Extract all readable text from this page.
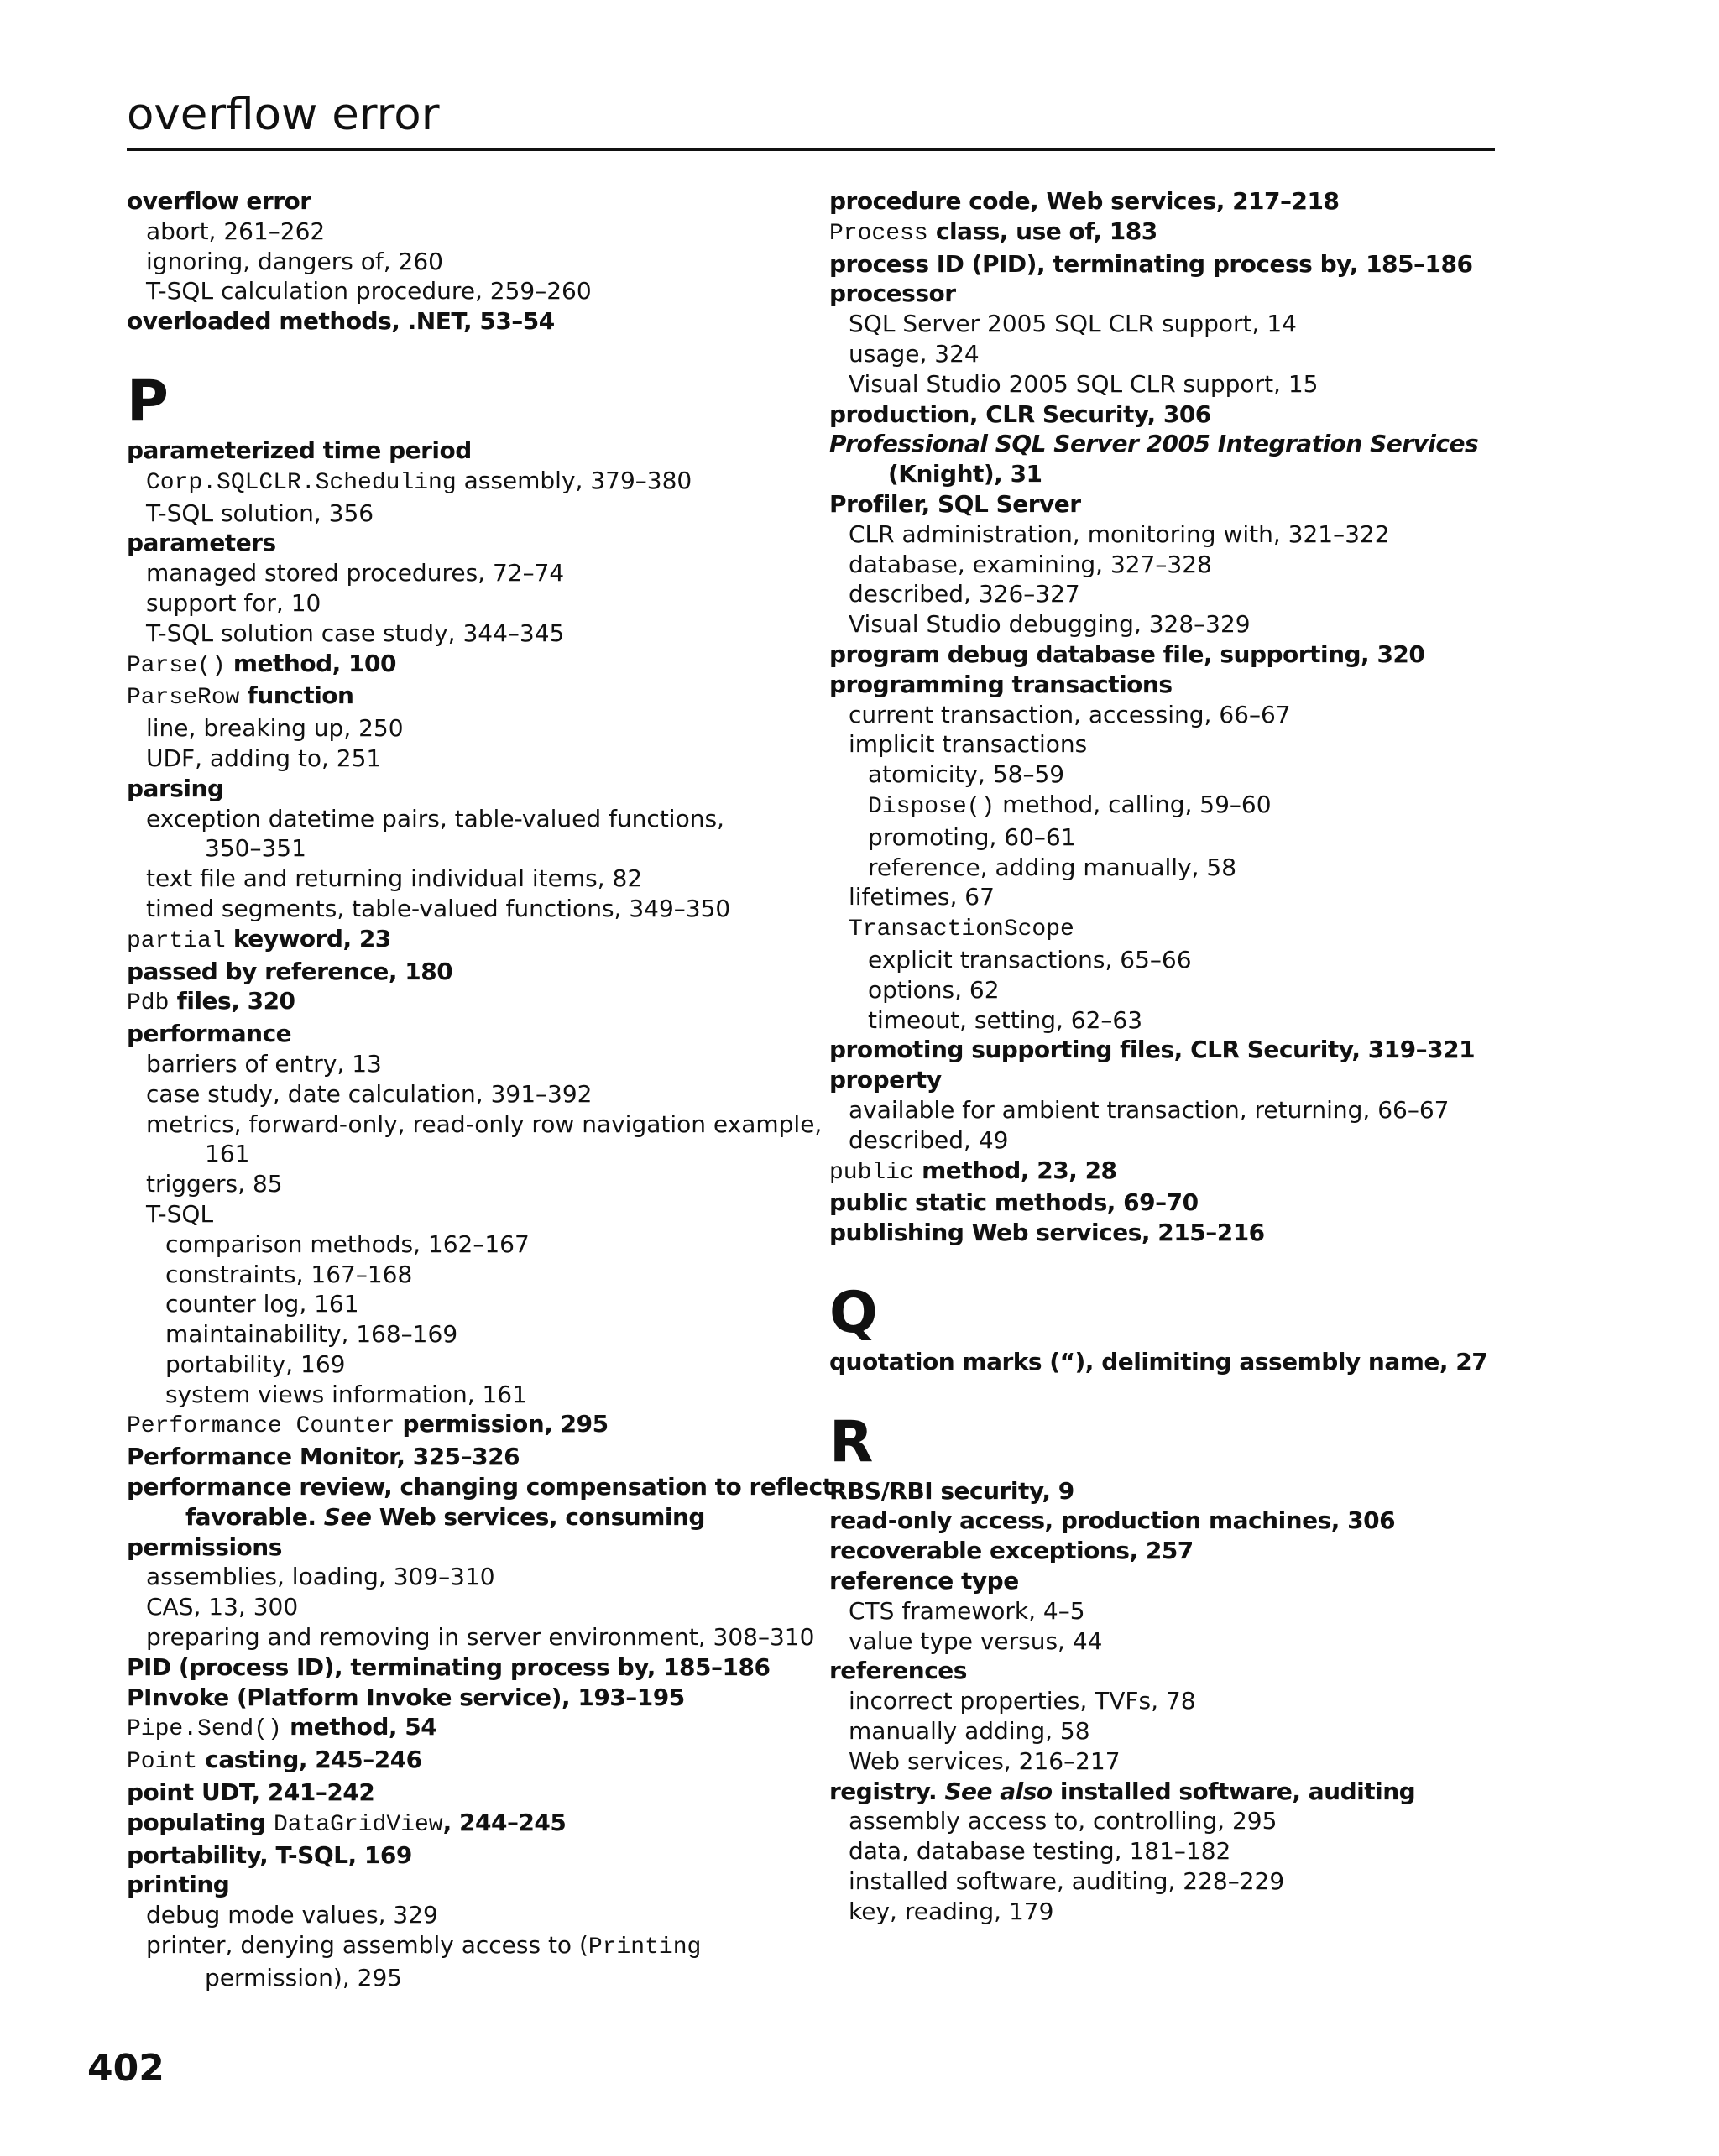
overflow error
overflow error
abort, 261–262
ignoring, dangers of, 260
T-SQL calculation procedure, 259–260
overloaded methods, .NET, 53–54
P
parameterized time period
Corp.SQLCLR.Scheduling assembly, 379–380
T-SQL solution, 356
parameters
managed stored procedures, 72–74
support for, 10
T-SQL solution case study, 344–345
Parse() method, 100
ParseRow function
line, breaking up, 250
UDF, adding to, 251
parsing
exception datetime pairs, table-valued functions,
350–351
text file and returning individual items, 82
timed segments, table-valued functions, 349–350
partial keyword, 23
passed by reference, 180
Pdb files, 320
performance
barriers of entry, 13
case study, date calculation, 391–392
metrics, forward-only, read-only row navigation example,
161
triggers, 85
T-SQL
comparison methods, 162–167
constraints, 167–168
counter log, 161
maintainability, 168–169
portability, 169
system views information, 161
Performance Counter permission, 295
Performance Monitor, 325–326
performance review, changing compensation to reflect
favorable. See Web services, consuming
permissions
assemblies, loading, 309–310
CAS, 13, 300
preparing and removing in server environment, 308–310
PID (process ID), terminating process by, 185–186
PInvoke (Platform Invoke service), 193–195
Pipe.Send() method, 54
Point casting, 245–246
point UDT, 241–242
populating DataGridView, 244–245
portability, T-SQL, 169
printing
debug mode values, 329
printer, denying assembly access to (Printing
permission), 295
procedure code, Web services, 217–218
Process class, use of, 183
process ID (PID), terminating process by, 185–186
processor
SQL Server 2005 SQL CLR support, 14
usage, 324
Visual Studio 2005 SQL CLR support, 15
production, CLR Security, 306
Professional SQL Server 2005 Integration Services
(Knight), 31
Profiler, SQL Server
CLR administration, monitoring with, 321–322
database, examining, 327–328
described, 326–327
Visual Studio debugging, 328–329
program debug database file, supporting, 320
programming transactions
current transaction, accessing, 66–67
implicit transactions
atomicity, 58–59
Dispose() method, calling, 59–60
promoting, 60–61
reference, adding manually, 58
lifetimes, 67
TransactionScope
explicit transactions, 65–66
options, 62
timeout, setting, 62–63
promoting supporting files, CLR Security, 319–321
property
available for ambient transaction, returning, 66–67
described, 49
public method, 23, 28
public static methods, 69–70
publishing Web services, 215–216
Q
quotation marks (“), delimiting assembly name, 27
R
RBS/RBI security, 9
read-only access, production machines, 306
recoverable exceptions, 257
reference type
CTS framework, 4–5
value type versus, 44
references
incorrect properties, TVFs, 78
manually adding, 58
Web services, 216–217
registry. See also installed software, auditing
assembly access to, controlling, 295
data, database testing, 181–182
installed software, auditing, 228–229
key, reading, 179
402
